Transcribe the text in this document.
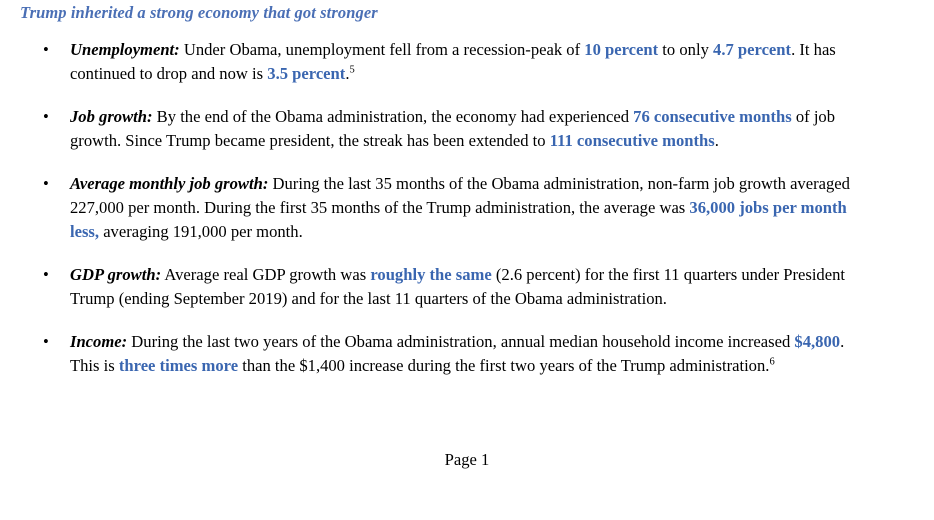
Trump inherited a strong economy that got stronger
•	Unemployment: Under Obama, unemployment fell from a recession-peak of 10 percent to only 4.7 percent. It has continued to drop and now is 3.5 percent.$^5$
•	Job growth: By the end of the Obama administration, the economy had experienced 76 consecutive months of job growth. Since Trump became president, the streak has been extended to 111 consecutive months.
•	Average monthly job growth: During the last 35 months of the Obama administration, non-farm job growth averaged 227,000 per month. During the first 35 months of the Trump administration, the average was 36,000 jobs per month less, averaging 191,000 per month.
•	GDP growth: Average real GDP growth was roughly the same (2.6 percent) for the first 11 quarters under President Trump (ending September 2019) and for the last 11 quarters of the Obama administration.
•	Income: During the last two years of the Obama administration, annual median household income increased $4,800. This is three times more than the $1,400 increase during the first two years of the Trump administration.$^6$
Page 1
